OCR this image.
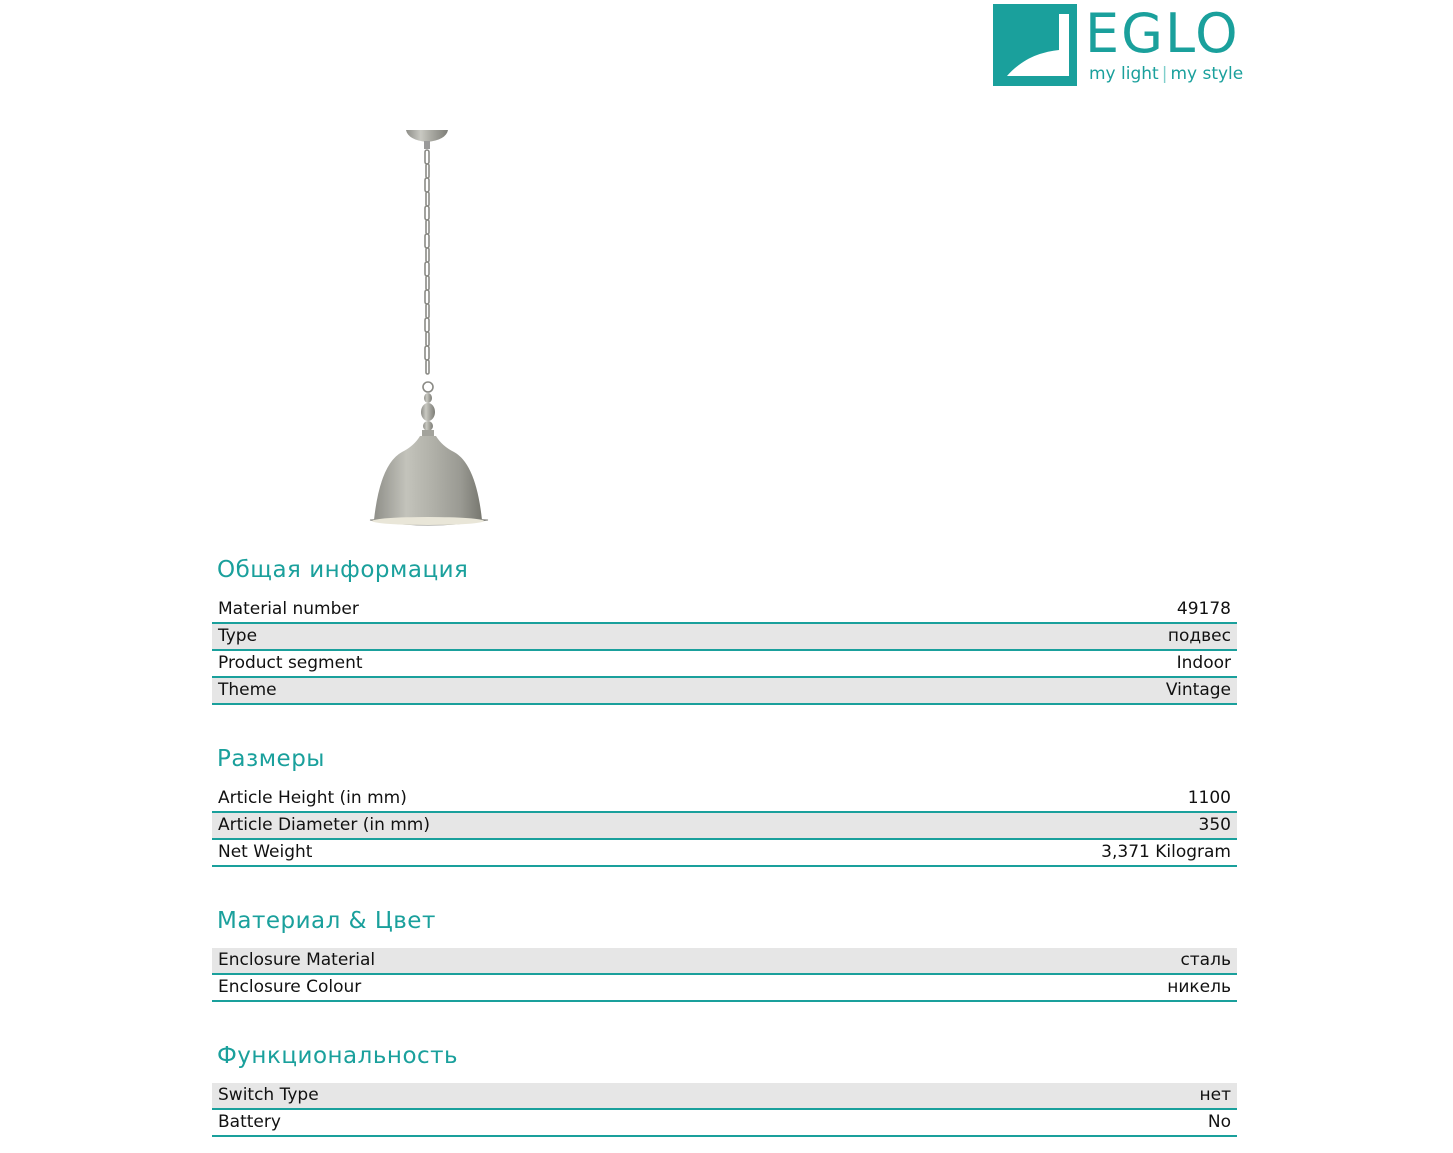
EGLO
my light | my style
Общая информация
Material number	49178
Type	подвес
Product segment	Indoor
Theme	Vintage
Размеры
Article Height (in mm)	1100
Article Diameter (in mm)	350
Net Weight	3,371 Kilogram
Материал & Цвет
Enclosure Material	сталь
Enclosure Colour	никель
Функциональность
Switch Type	нет
Battery	No
